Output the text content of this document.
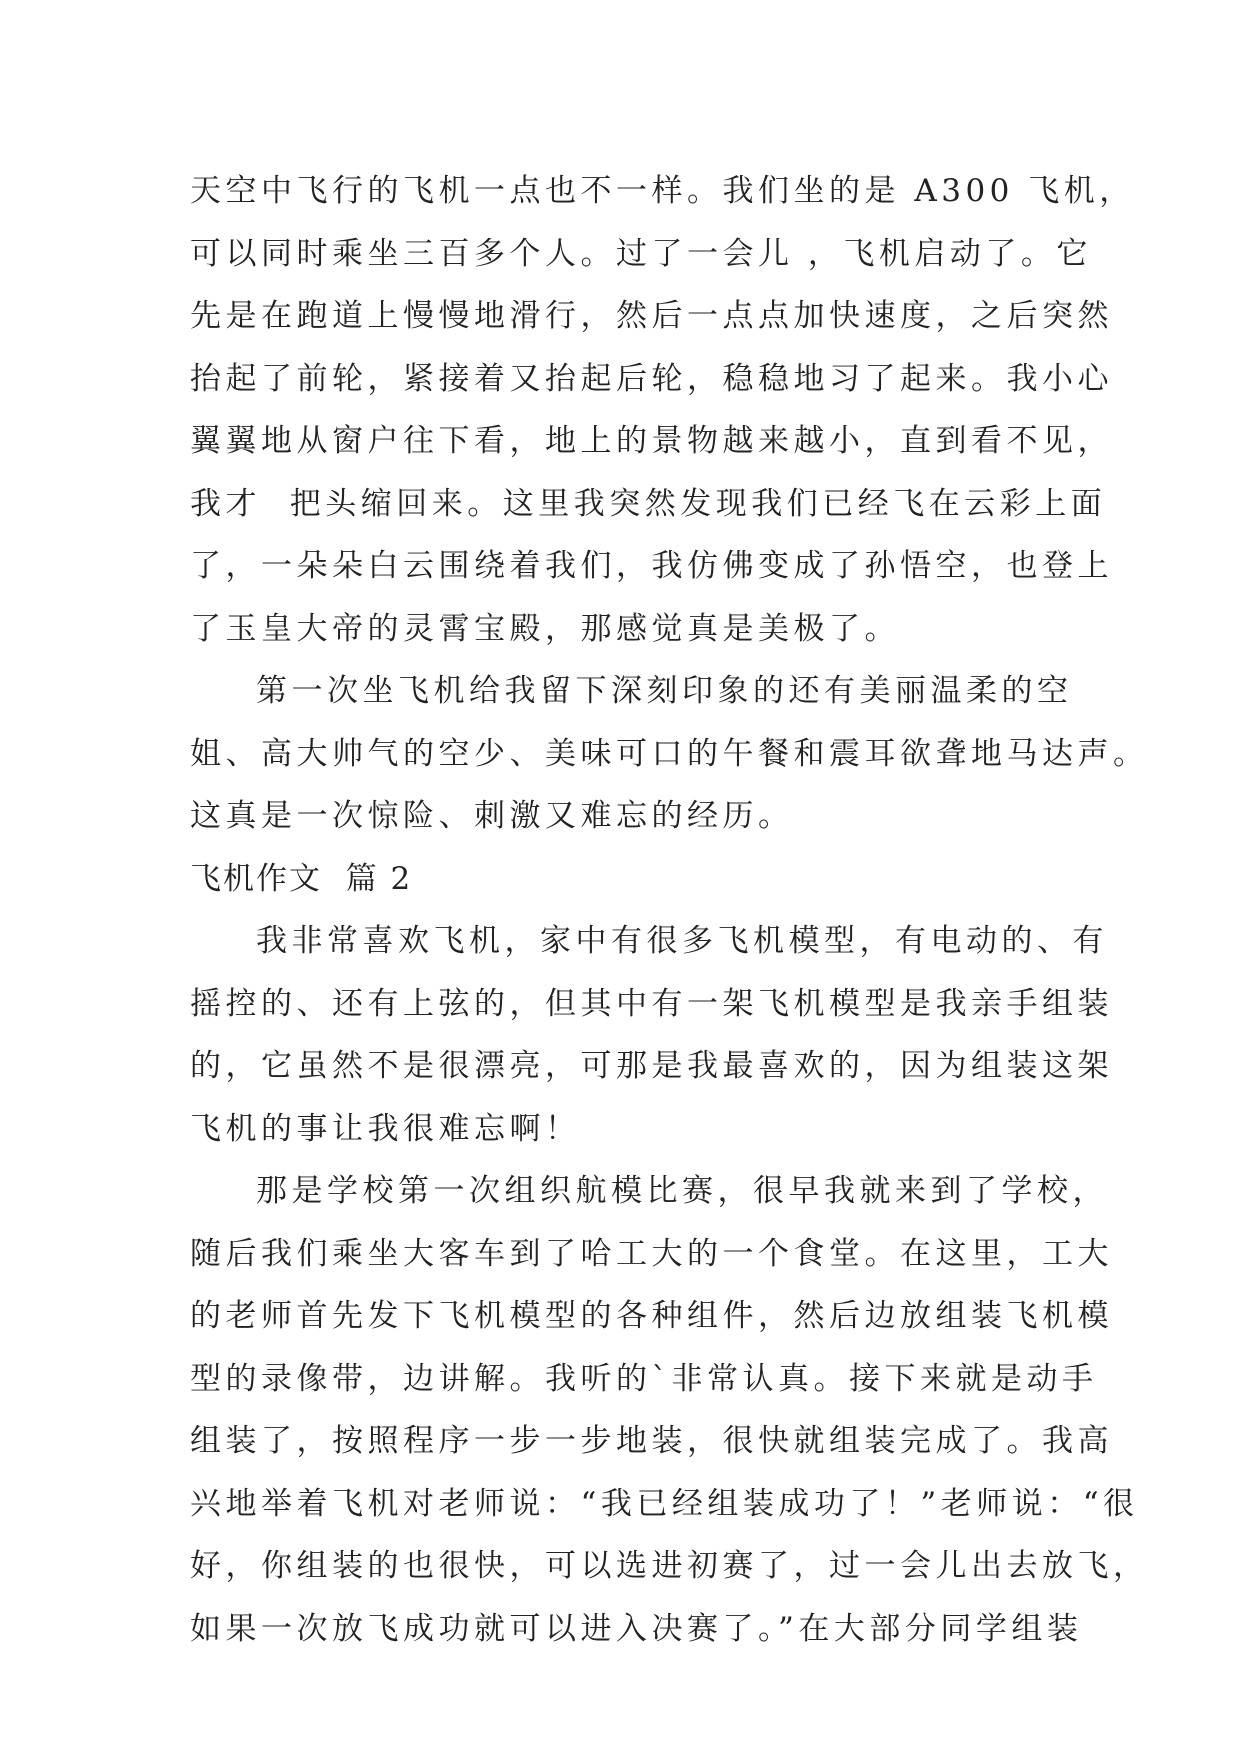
天空中飞行的飞机一点也不一样。我们坐的是 A300 飞机，
可以同时乘坐三百多个人。过了一会儿 ，飞机启动了。它
先是在跑道上慢慢地滑行，然后一点点加快速度，之后突然
抬起了前轮，紧接着又抬起后轮，稳稳地习了起来。我小心
翼翼地从窗户往下看，地上的景物越来越小，直到看不见，
我才  把头缩回来。这里我突然发现我们已经飞在云彩上面
了，一朵朵白云围绕着我们，我仿佛变成了孙悟空，也登上
了玉皇大帝的灵霄宝殿，那感觉真是美极了。
第一次坐飞机给我留下深刻印象的还有美丽温柔的空
姐、高大帅气的空少、美味可口的午餐和震耳欲聋地马达声。
这真是一次惊险、刺激又难忘的经历。
飞机作文  篇 2
我非常喜欢飞机，家中有很多飞机模型，有电动的、有
摇控的、还有上弦的，但其中有一架飞机模型是我亲手组装
的，它虽然不是很漂亮，可那是我最喜欢的，因为组装这架
飞机的事让我很难忘啊！
那是学校第一次组织航模比赛，很早我就来到了学校，
随后我们乘坐大客车到了哈工大的一个食堂。在这里，工大
的老师首先发下飞机模型的各种组件，然后边放组装飞机模
型的录像带，边讲解。我听的`非常认真。接下来就是动手
组装了，按照程序一步一步地装，很快就组装完成了。我高
兴地举着飞机对老师说：“我已经组装成功了！”老师说：“很
好，你组装的也很快，可以选进初赛了，过一会儿出去放飞，
如果一次放飞成功就可以进入决赛了。”在大部分同学组装
